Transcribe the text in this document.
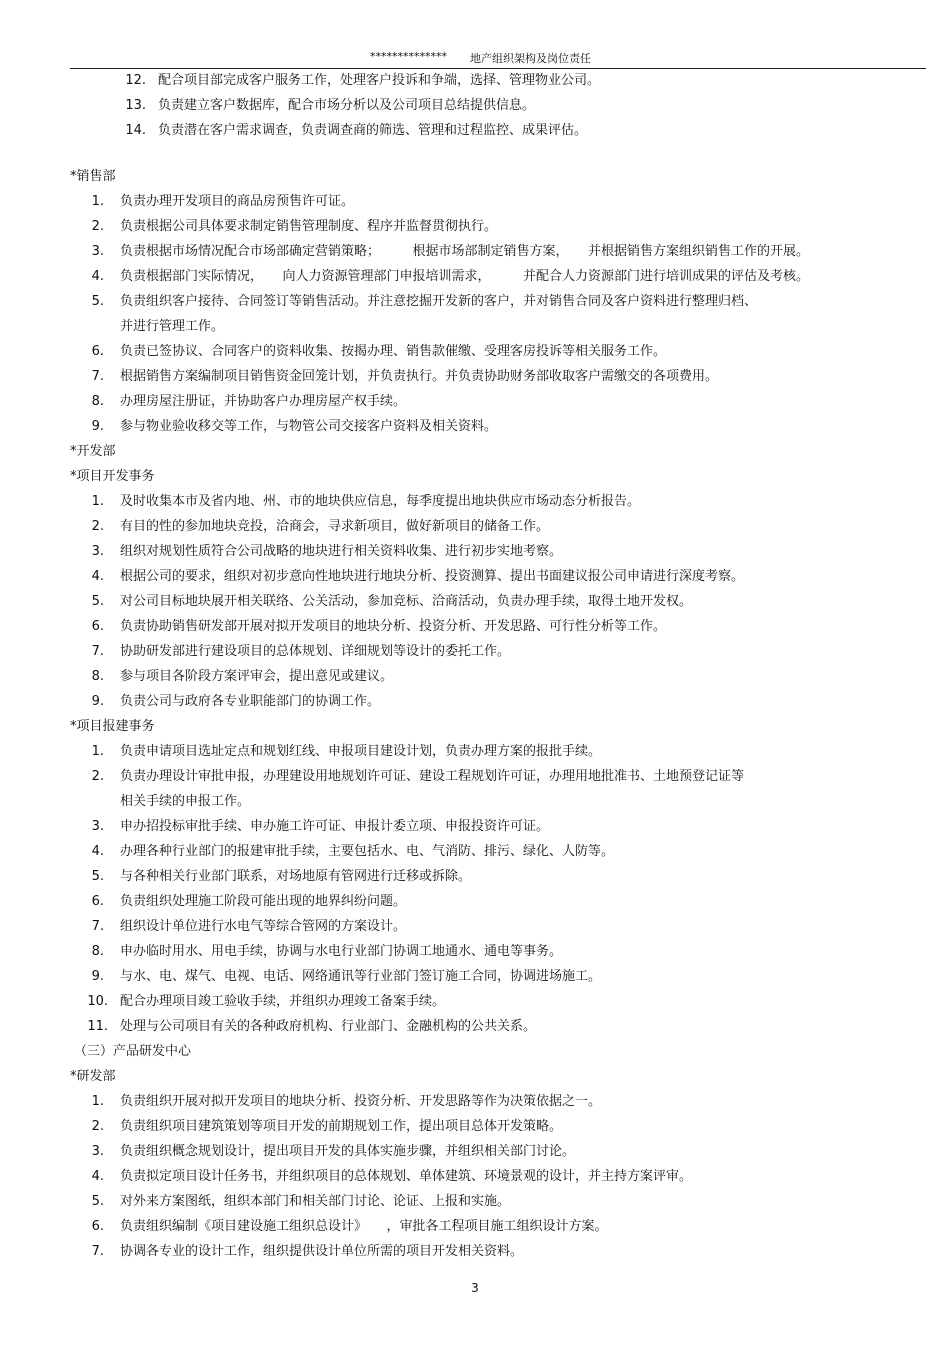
************** 地产组织架构及岗位责任
12. 配合项目部完成客户服务工作，处理客户投诉和争端，选择、管理物业公司。
13. 负责建立客户数据库，配合市场分析以及公司项目总结提供信息。
14. 负责潜在客户需求调查，负责调查商的筛选、管理和过程监控、成果评估。
*销售部
1. 负责办理开发项目的商品房预售许可证。
2. 负责根据公司具体要求制定销售管理制度、程序并监督贯彻执行。
3. 负责根据市场情况配合市场部确定营销策略；　　　根据市场部制定销售方案，　　并根据销售方案组织销售工作的开展。
4. 负责根据部门实际情况，　　向人力资源管理部门申报培训需求，　　　并配合人力资源部门进行培训成果的评估及考核。
5. 负责组织客户接待、合同签订等销售活动。并注意挖掘开发新的客户，并对销售合同及客户资料进行整理归档、
并进行管理工作。
6. 负责已签协议、合同客户的资料收集、按揭办理、销售款催缴、受理客房投诉等相关服务工作。
7. 根据销售方案编制项目销售资金回笼计划，并负责执行。并负责协助财务部收取客户需缴交的各项费用。
8. 办理房屋注册证，并协助客户办理房屋产权手续。
9. 参与物业验收移交等工作，与物管公司交接客户资料及相关资料。
*开发部
*项目开发事务
1. 及时收集本市及省内地、州、市的地块供应信息，每季度提出地块供应市场动态分析报告。
2. 有目的性的参加地块竞投，洽商会，寻求新项目，做好新项目的储备工作。
3. 组织对规划性质符合公司战略的地块进行相关资料收集、进行初步实地考察。
4. 根据公司的要求，组织对初步意向性地块进行地块分析、投资测算、提出书面建议报公司申请进行深度考察。
5. 对公司目标地块展开相关联络、公关活动，参加竞标、洽商活动，负责办理手续，取得土地开发权。
6. 负责协助销售研发部开展对拟开发项目的地块分析、投资分析、开发思路、可行性分析等工作。
7. 协助研发部进行建设项目的总体规划、详细规划等设计的委托工作。
8. 参与项目各阶段方案评审会，提出意见或建议。
9. 负责公司与政府各专业职能部门的协调工作。
*项目报建事务
1. 负责申请项目选址定点和规划红线、申报项目建设计划，负责办理方案的报批手续。
2. 负责办理设计审批申报，办理建设用地规划许可证、建设工程规划许可证，办理用地批准书、土地预登记证等
相关手续的申报工作。
3. 申办招投标审批手续、申办施工许可证、申报计委立项、申报投资许可证。
4. 办理各种行业部门的报建审批手续，主要包括水、电、气消防、排污、绿化、人防等。
5. 与各种相关行业部门联系，对场地原有管网进行迁移或拆除。
6. 负责组织处理施工阶段可能出现的地界纠纷问题。
7. 组织设计单位进行水电气等综合管网的方案设计。
8. 申办临时用水、用电手续，协调与水电行业部门协调工地通水、通电等事务。
9. 与水、电、煤气、电视、电话、网络通讯等行业部门签订施工合同，协调进场施工。
10. 配合办理项目竣工验收手续，并组织办理竣工备案手续。
11. 处理与公司项目有关的各种政府机构、行业部门、金融机构的公共关系。
（三）产品研发中心
*研发部
1. 负责组织开展对拟开发项目的地块分析、投资分析、开发思路等作为决策依据之一。
2. 负责组织项目建筑策划等项目开发的前期规划工作，提出项目总体开发策略。
3. 负责组织概念规划设计，提出项目开发的具体实施步骤，并组织相关部门讨论。
4. 负责拟定项目设计任务书，并组织项目的总体规划、单体建筑、环境景观的设计，并主持方案评审。
5. 对外来方案图纸，组织本部门和相关部门讨论、论证、上报和实施。
6. 负责组织编制《项目建设施工组织总设计》　　，审批各工程项目施工组织设计方案。
7. 协调各专业的设计工作，组织提供设计单位所需的项目开发相关资料。
3
